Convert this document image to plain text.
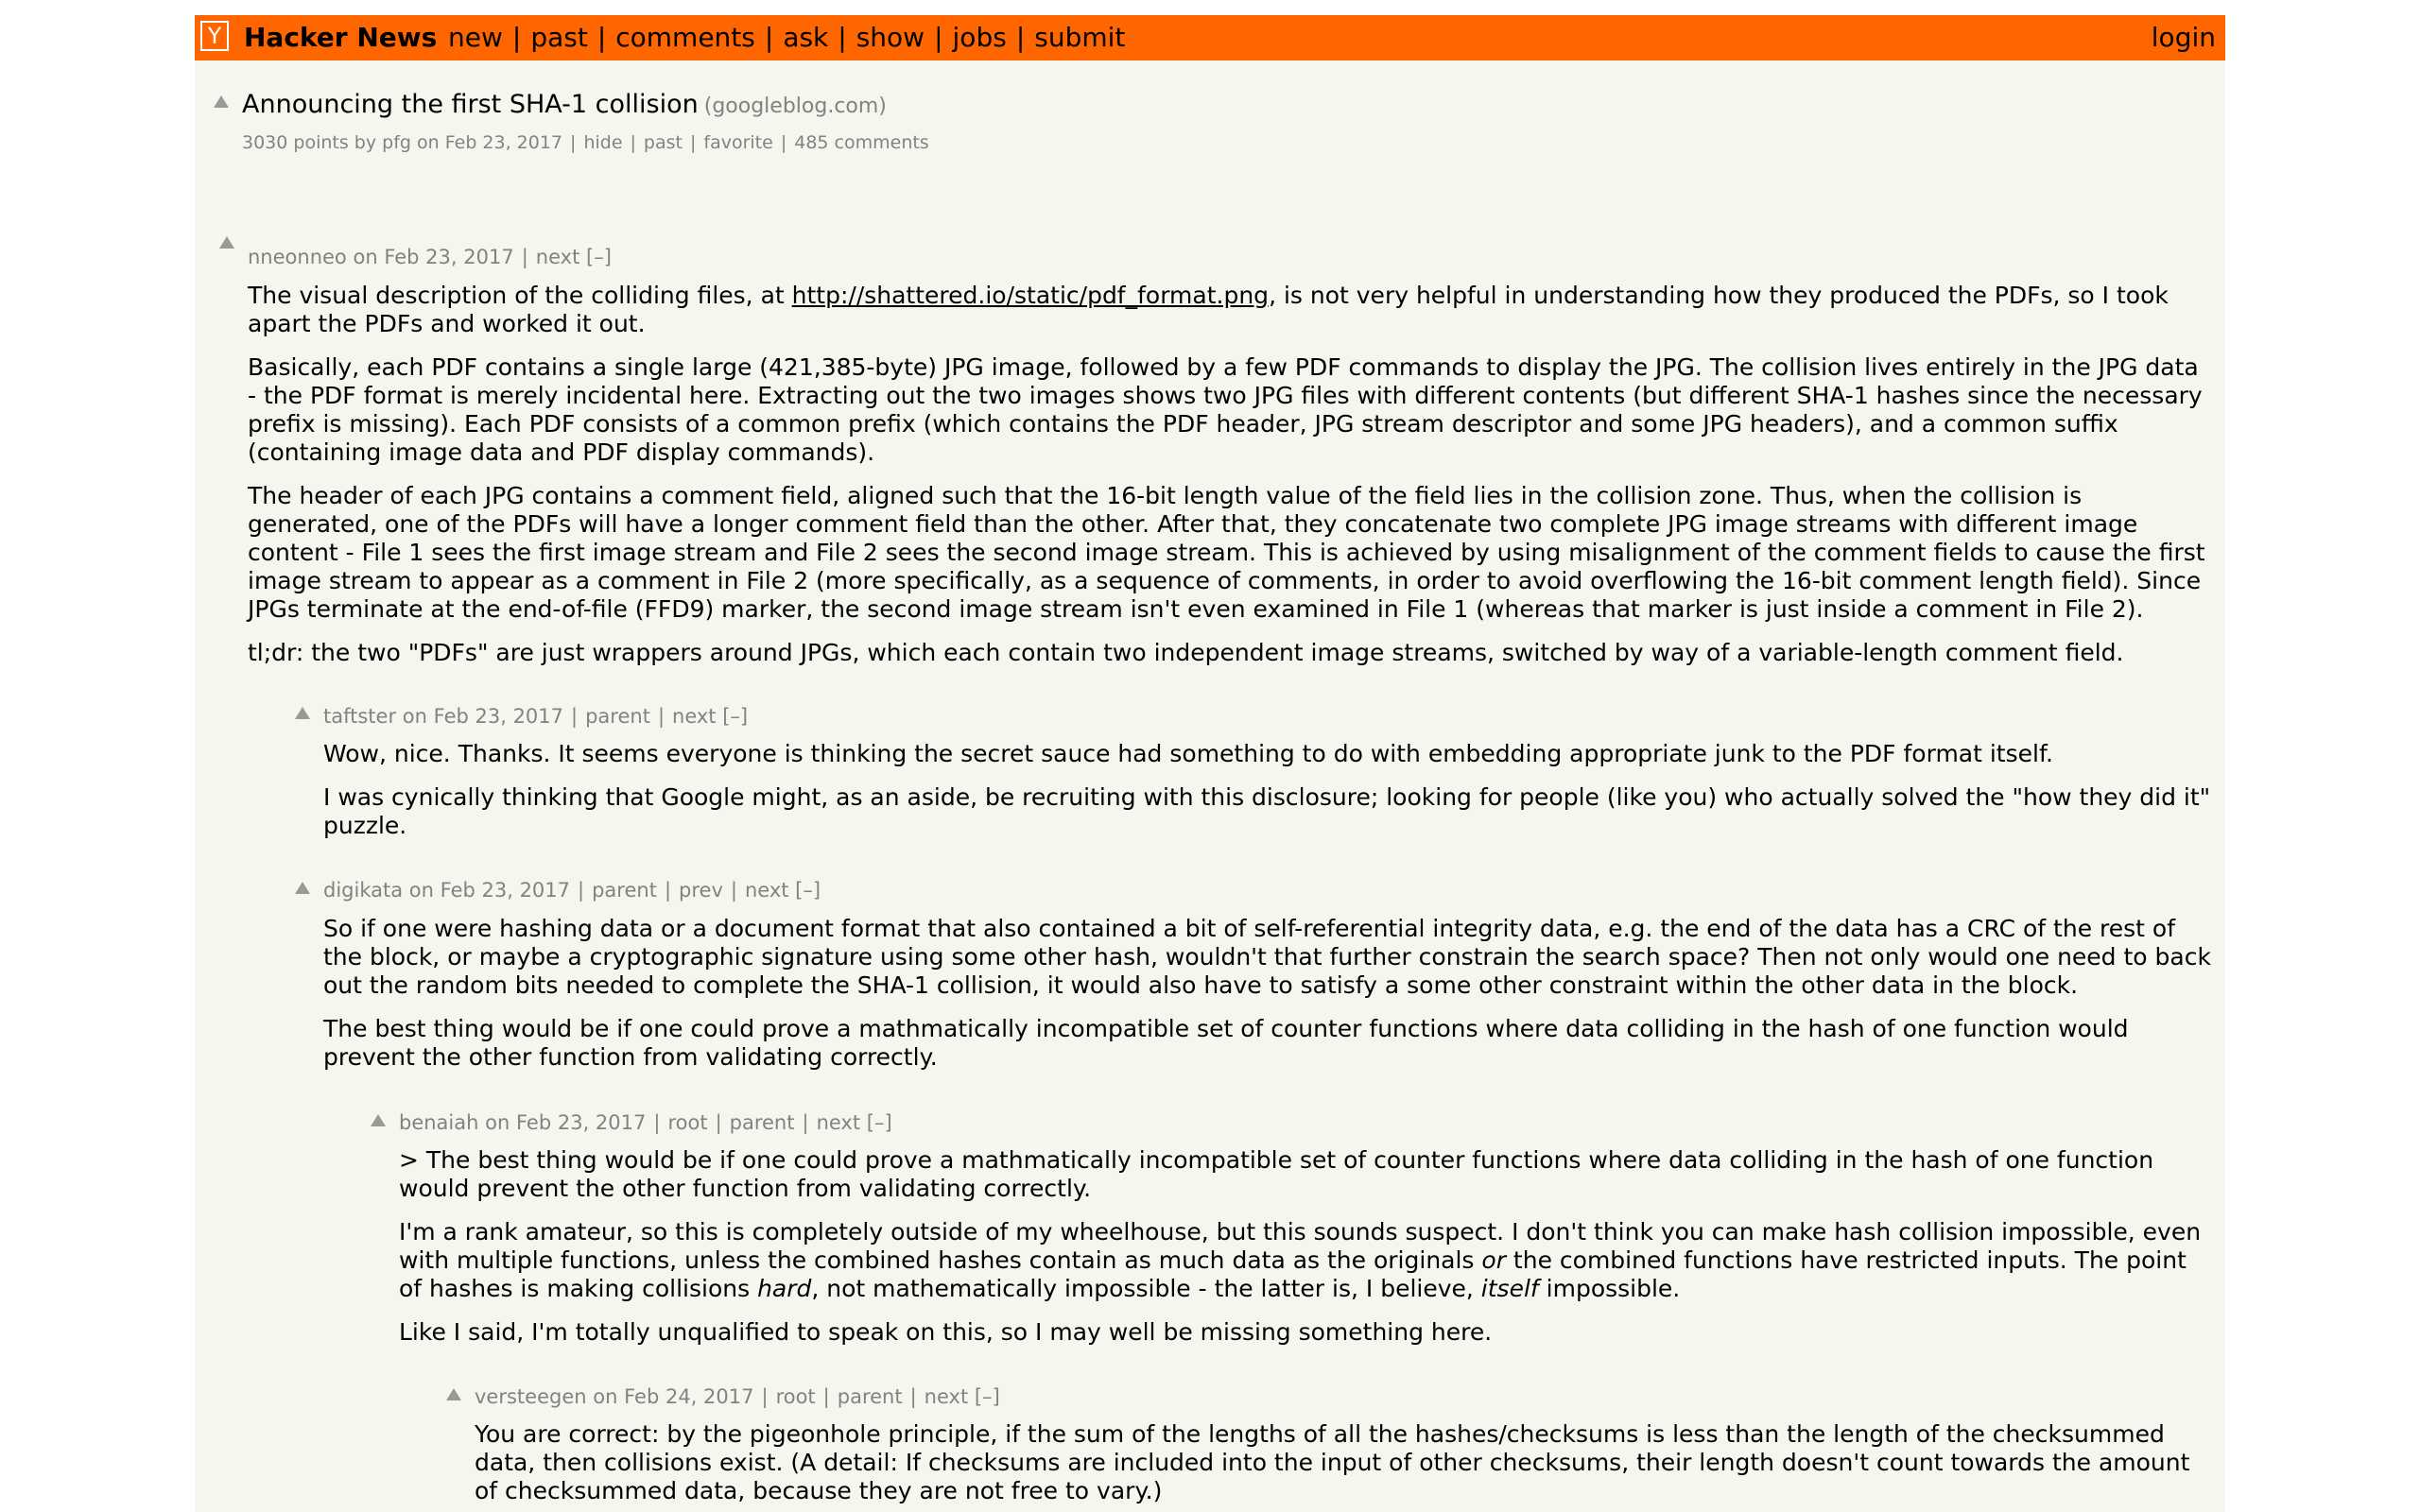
Y Hacker News new | past | comments | ask | show | jobs | submit	login
Announcing the first SHA-1 collision (googleblog.com)
3030 points by pfg on Feb 23, 2017 | hide | past | favorite | 485 comments
nneonneo on Feb 23, 2017 | next [–]

The visual description of the colliding files, at http://shattered.io/static/pdf_format.png, is not very helpful in understanding how they produced the PDFs, so I took apart the PDFs and worked it out.

Basically, each PDF contains a single large (421,385-byte) JPG image, followed by a few PDF commands to display the JPG. The collision lives entirely in the JPG data - the PDF format is merely incidental here. Extracting out the two images shows two JPG files with different contents (but different SHA-1 hashes since the necessary prefix is missing). Each PDF consists of a common prefix (which contains the PDF header, JPG stream descriptor and some JPG headers), and a common suffix (containing image data and PDF display commands).

The header of each JPG contains a comment field, aligned such that the 16-bit length value of the field lies in the collision zone. Thus, when the collision is generated, one of the PDFs will have a longer comment field than the other. After that, they concatenate two complete JPG image streams with different image content - File 1 sees the first image stream and File 2 sees the second image stream. This is achieved by using misalignment of the comment fields to cause the first image stream to appear as a comment in File 2 (more specifically, as a sequence of comments, in order to avoid overflowing the 16-bit comment length field). Since JPGs terminate at the end-of-file (FFD9) marker, the second image stream isn't even examined in File 1 (whereas that marker is just inside a comment in File 2).

tl;dr: the two "PDFs" are just wrappers around JPGs, which each contain two independent image streams, switched by way of a variable-length comment field.

taftster on Feb 23, 2017 | parent | next [–]

Wow, nice. Thanks. It seems everyone is thinking the secret sauce had something to do with embedding appropriate junk to the PDF format itself.

I was cynically thinking that Google might, as an aside, be recruiting with this disclosure; looking for people (like you) who actually solved the "how they did it" puzzle.

digikata on Feb 23, 2017 | parent | prev | next [–]

So if one were hashing data or a document format that also contained a bit of self-referential integrity data, e.g. the end of the data has a CRC of the rest of the block, or maybe a cryptographic signature using some other hash, wouldn't that further constrain the search space? Then not only would one need to back out the random bits needed to complete the SHA-1 collision, it would also have to satisfy a some other constraint within the other data in the block.

The best thing would be if one could prove a mathmatically incompatible set of counter functions where data colliding in the hash of one function would prevent the other function from validating correctly.

benaiah on Feb 23, 2017 | root | parent | next [–]

> The best thing would be if one could prove a mathmatically incompatible set of counter functions where data colliding in the hash of one function would prevent the other function from validating correctly.

I'm a rank amateur, so this is completely outside of my wheelhouse, but this sounds suspect. I don't think you can make hash collision impossible, even with multiple functions, unless the combined hashes contain as much data as the originals or the combined functions have restricted inputs. The point of hashes is making collisions hard, not mathematically impossible - the latter is, I believe, itself impossible.

Like I said, I'm totally unqualified to speak on this, so I may well be missing something here.

versteegen on Feb 24, 2017 | root | parent | next [–]

You are correct: by the pigeonhole principle, if the sum of the lengths of all the hashes/checksums is less than the length of the checksummed data, then collisions exist. (A detail: If checksums are included into the input of other checksums, their length doesn't count towards the amount of checksummed data, because they are not free to vary.)
